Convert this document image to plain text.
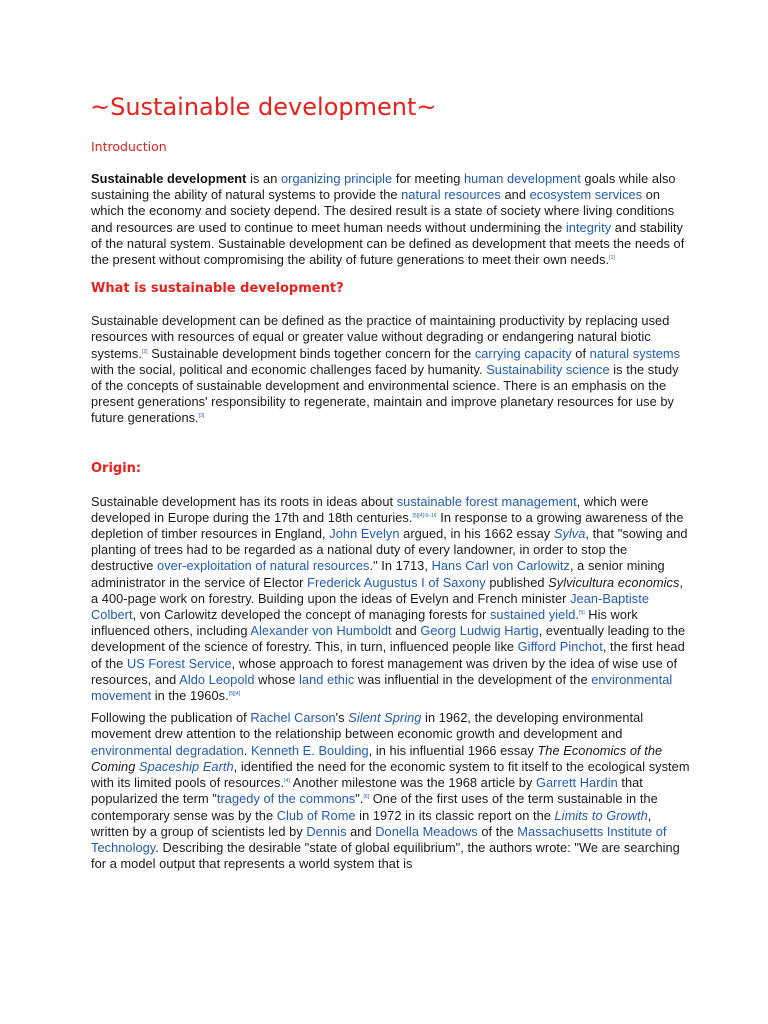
~Sustainable development~
Introduction

Sustainable development is an organizing principle for meeting human development goals while also sustaining the ability of natural systems to provide the natural resources and ecosystem services on which the economy and society depend. The desired result is a state of society where living conditions and resources are used to continue to meet human needs without undermining the integrity and stability of the natural system. Sustainable development can be defined as development that meets the needs of the present without compromising the ability of future generations to meet their own needs.[1]

What is sustainable development?

Sustainable development can be defined as the practice of maintaining productivity by replacing used resources with resources of equal or greater value without degrading or endangering natural biotic systems.[2] Sustainable development binds together concern for the carrying capacity of natural systems with the social, political and economic challenges faced by humanity. Sustainability science is the study of the concepts of sustainable development and environmental science. There is an emphasis on the present generations' responsibility to regenerate, maintain and improve planetary resources for use by future generations.[3]

Origin:

Sustainable development has its roots in ideas about sustainable forest management, which were developed in Europe during the 17th and 18th centuries.$^{[5][4]:6-16}$ In response to a growing awareness of the depletion of timber resources in England, John Evelyn argued, in his 1662 essay Sylva, that "sowing and planting of trees had to be regarded as a national duty of every landowner, in order to stop the destructive over-exploitation of natural resources." In 1713, Hans Carl von Carlowitz, a senior mining administrator in the service of Elector Frederick Augustus I of Saxony published Sylvicultura economics, a 400-page work on forestry. Building upon the ideas of Evelyn and French minister Jean-Baptiste Colbert, von Carlowitz developed the concept of managing forests for sustained yield.[5] His work influenced others, including Alexander von Humboldt and Georg Ludwig Hartig, eventually leading to the development of the science of forestry. This, in turn, influenced people like Gifford Pinchot, the first head of the US Forest Service, whose approach to forest management was driven by the idea of wise use of resources, and Aldo Leopold whose land ethic was influential in the development of the environmental movement in the 1960s.[5][4]

Following the publication of Rachel Carson's Silent Spring in 1962, the developing environmental movement drew attention to the relationship between economic growth and development and environmental degradation. Kenneth E. Boulding, in his influential 1966 essay The Economics of the Coming Spaceship Earth, identified the need for the economic system to fit itself to the ecological system with its limited pools of resources.[4] Another milestone was the 1968 article by Garrett Hardin that popularized the term "tragedy of the commons".[6] One of the first uses of the term sustainable in the contemporary sense was by the Club of Rome in 1972 in its classic report on the Limits to Growth, written by a group of scientists led by Dennis and Donella Meadows of the Massachusetts Institute of Technology. Describing the desirable "state of global equilibrium", the authors wrote: "We are searching for a model output that represents a world system that is
